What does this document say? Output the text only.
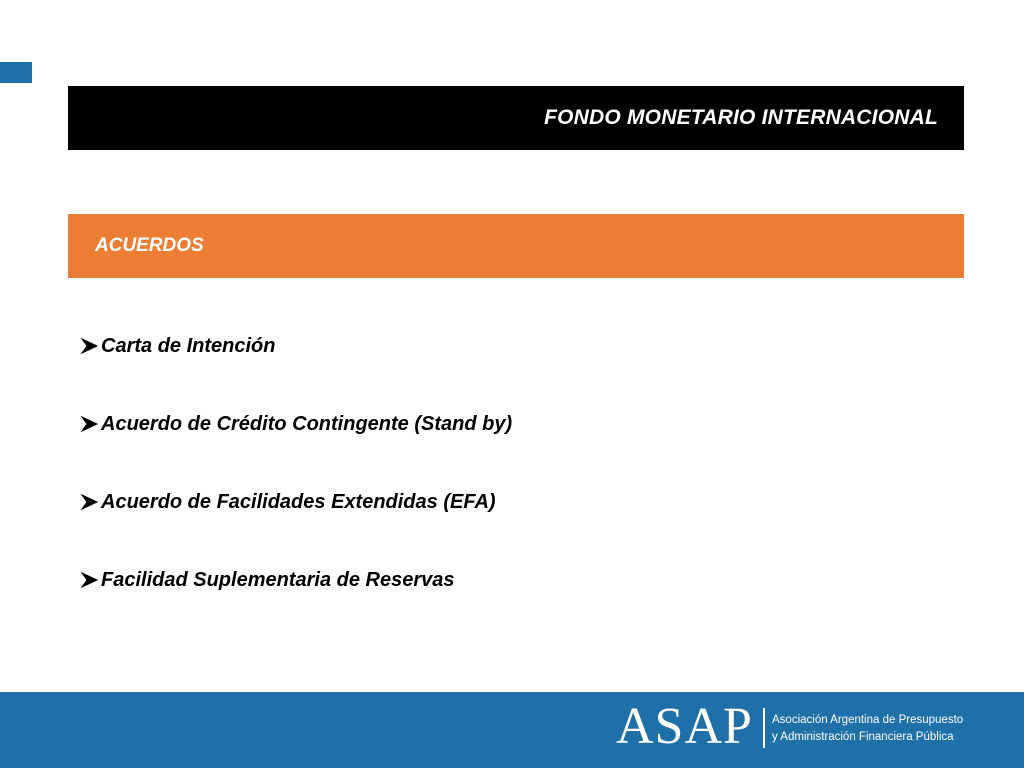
FONDO MONETARIO INTERNACIONAL
ACUERDOS
Carta de Intención
Acuerdo de Crédito Contingente (Stand by)
Acuerdo de Facilidades Extendidas (EFA)
Facilidad Suplementaria de Reservas
ASAP Asociación Argentina de Presupuesto
y Administración Financiera Pública
